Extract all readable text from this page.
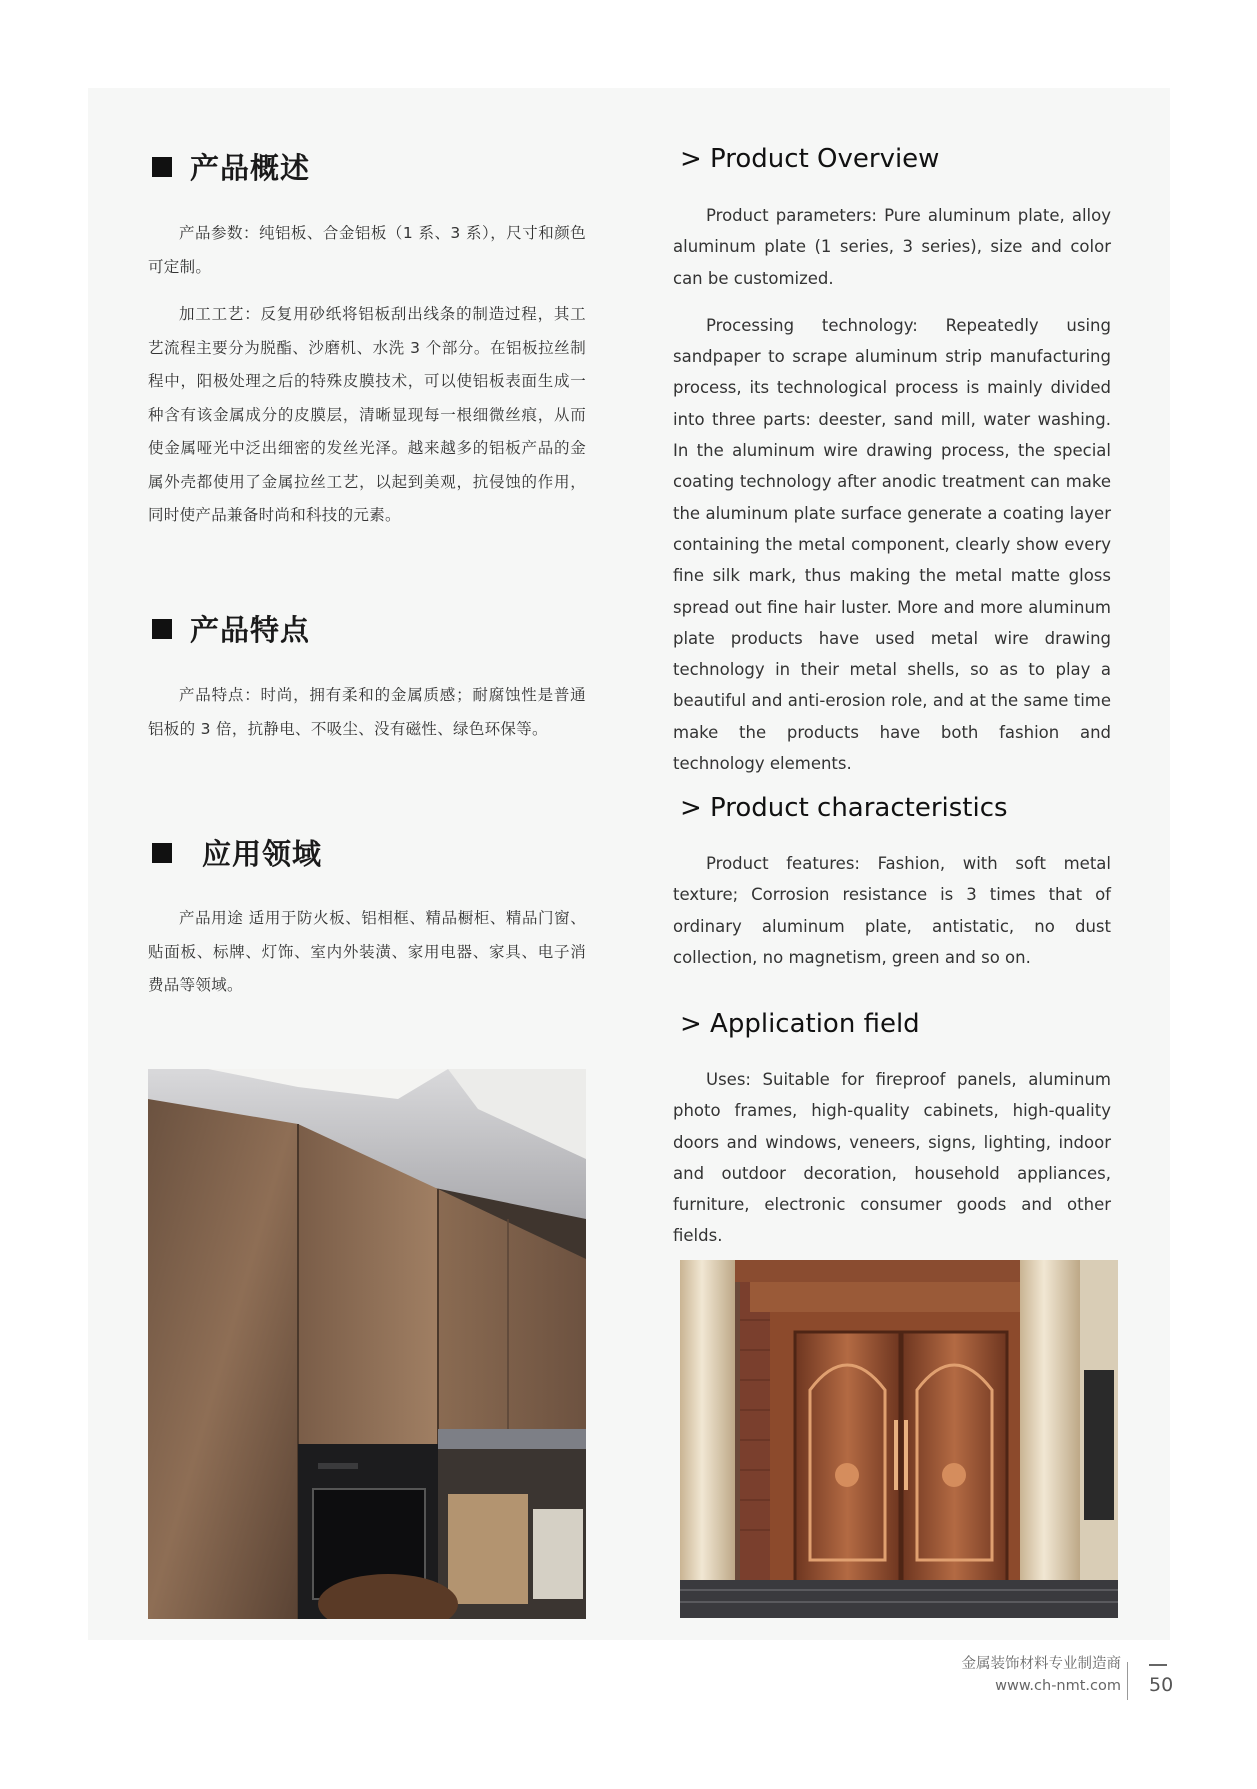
产品概述

产品参数：纯铝板、合金铝板（1 系、3 系），尺寸和颜色可定制。

加工工艺：反复用砂纸将铝板刮出线条的制造过程，其工艺流程主要分为脱酯、沙磨机、水洗 3 个部分。在铝板拉丝制程中，阳极处理之后的特殊皮膜技术，可以使铝板表面生成一种含有该金属成分的皮膜层，清晰显现每一根细微丝痕，从而使金属哑光中泛出细密的发丝光泽。越来越多的铝板产品的金属外壳都使用了金属拉丝工艺，以起到美观，抗侵蚀的作用，同时使产品兼备时尚和科技的元素。

产品特点

产品特点：时尚，拥有柔和的金属质感；耐腐蚀性是普通铝板的 3 倍，抗静电、不吸尘、没有磁性、绿色环保等。

应用领域

产品用途 适用于防火板、铝相框、精品橱柜、精品门窗、贴面板、标牌、灯饰、室内外装潢、家用电器、家具、电子消费品等领域。

> Product Overview

Product parameters: Pure aluminum plate, alloy aluminum plate (1 series, 3 series), size and color can be customized.

Processing technology: Repeatedly using sandpaper to scrape aluminum strip manufacturing process, its technological process is mainly divided into three parts: deester, sand mill, water washing. In the aluminum wire drawing process, the special coating technology after anodic treatment can make the aluminum plate surface generate a coating layer containing the metal component, clearly show every fine silk mark, thus making the metal matte gloss spread out fine hair luster. More and more aluminum plate products have used metal wire drawing technology in their metal shells, so as to play a beautiful and anti-erosion role, and at the same time make the products have both fashion and technology elements.

> Product characteristics

Product features: Fashion, with soft metal texture; Corrosion resistance is 3 times that of ordinary aluminum plate, antistatic, no dust collection, no magnetism, green and so on.

> Application field

Uses: Suitable for fireproof panels, aluminum photo frames, high-quality cabinets, high-quality doors and windows, veneers, signs, lighting, indoor and outdoor decoration, household appliances, furniture, electronic consumer goods and other fields.

金属装饰材料专业制造商
www.ch-nmt.com 50
